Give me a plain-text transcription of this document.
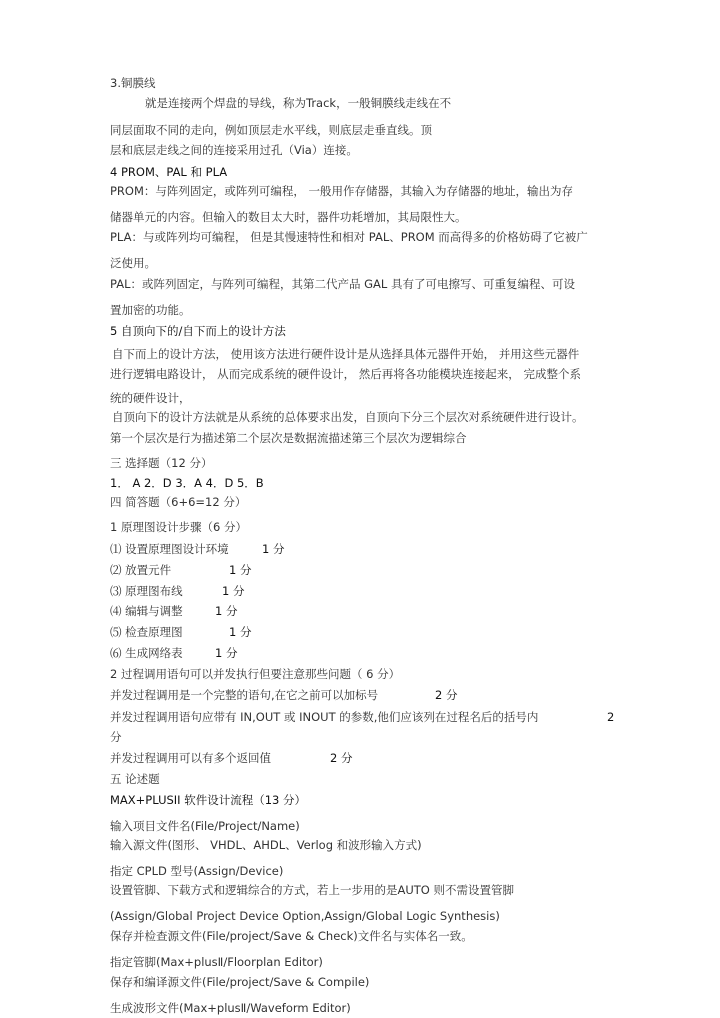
3.铜膜线
就是连接两个焊盘的导线，称为Track，一般铜膜线走线在不
同层面取不同的走向，例如顶层走水平线，则底层走垂直线。顶
层和底层走线之间的连接采用过孔（Via）连接。
4 PROM、PAL 和 PLA
PROM：与阵列固定，或阵列可编程， 一般用作存储器，其输入为存储器的地址，输出为存
储器单元的内容。但输入的数目太大时，器件功耗增加，其局限性大。
PLA：与或阵列均可编程， 但是其慢速特性和相对 PAL、PROM 而高得多的价格妨碍了它被广
泛使用。
PAL：或阵列固定，与阵列可编程，其第二代产品 GAL 具有了可电擦写、可重复编程、可设
置加密的功能。
5 自顶向下的/自下而上的设计方法
自下而上的设计方法， 使用该方法进行硬件设计是从选择具体元器件开始， 并用这些元器件
进行逻辑电路设计， 从而完成系统的硬件设计， 然后再将各功能模块连接起来， 完成整个系
统的硬件设计，
自顶向下的设计方法就是从系统的总体要求出发，自顶向下分三个层次对系统硬件进行设计。
第一个层次是行为描述第二个层次是数据流描述第三个层次为逻辑综合
三 选择题（12 分）
1． A 2．D 3．A 4．D 5．B
四 简答题（6+6=12 分）
1 原理图设计步骤（6 分）
⑴ 设置原理图设计环境	1 分
⑵ 放置元件	1 分
⑶ 原理图布线	1 分
⑷ 编辑与调整	1 分
⑸ 检查原理图	1 分
⑹ 生成网络表	1 分
2 过程调用语句可以并发执行但要注意那些问题（ 6 分）
并发过程调用是一个完整的语句,在它之前可以加标号	2 分
并发过程调用语句应带有 IN,OUT 或 INOUT 的参数,他们应该列在过程名后的括号内	2
分
并发过程调用可以有多个返回值	2 分
五 论述题
MAX+PLUSII 软件设计流程（13 分）
输入项目文件名(File/Project/Name)
输入源文件(图形、 VHDL、AHDL、Verlog 和波形输入方式)
指定 CPLD 型号(Assign/Device)
设置管脚、下载方式和逻辑综合的方式，若上一步用的是AUTO 则不需设置管脚
(Assign/Global Project Device Option,Assign/Global Logic Synthesis)
保存并检查源文件(File/project/Save & Check)文件名与实体名一致。
指定管脚(Max+plusⅡ/Floorplan Editor)
保存和编译源文件(File/project/Save & Compile)
生成波形文件(Max+plusⅡ/Waveform Editor)
